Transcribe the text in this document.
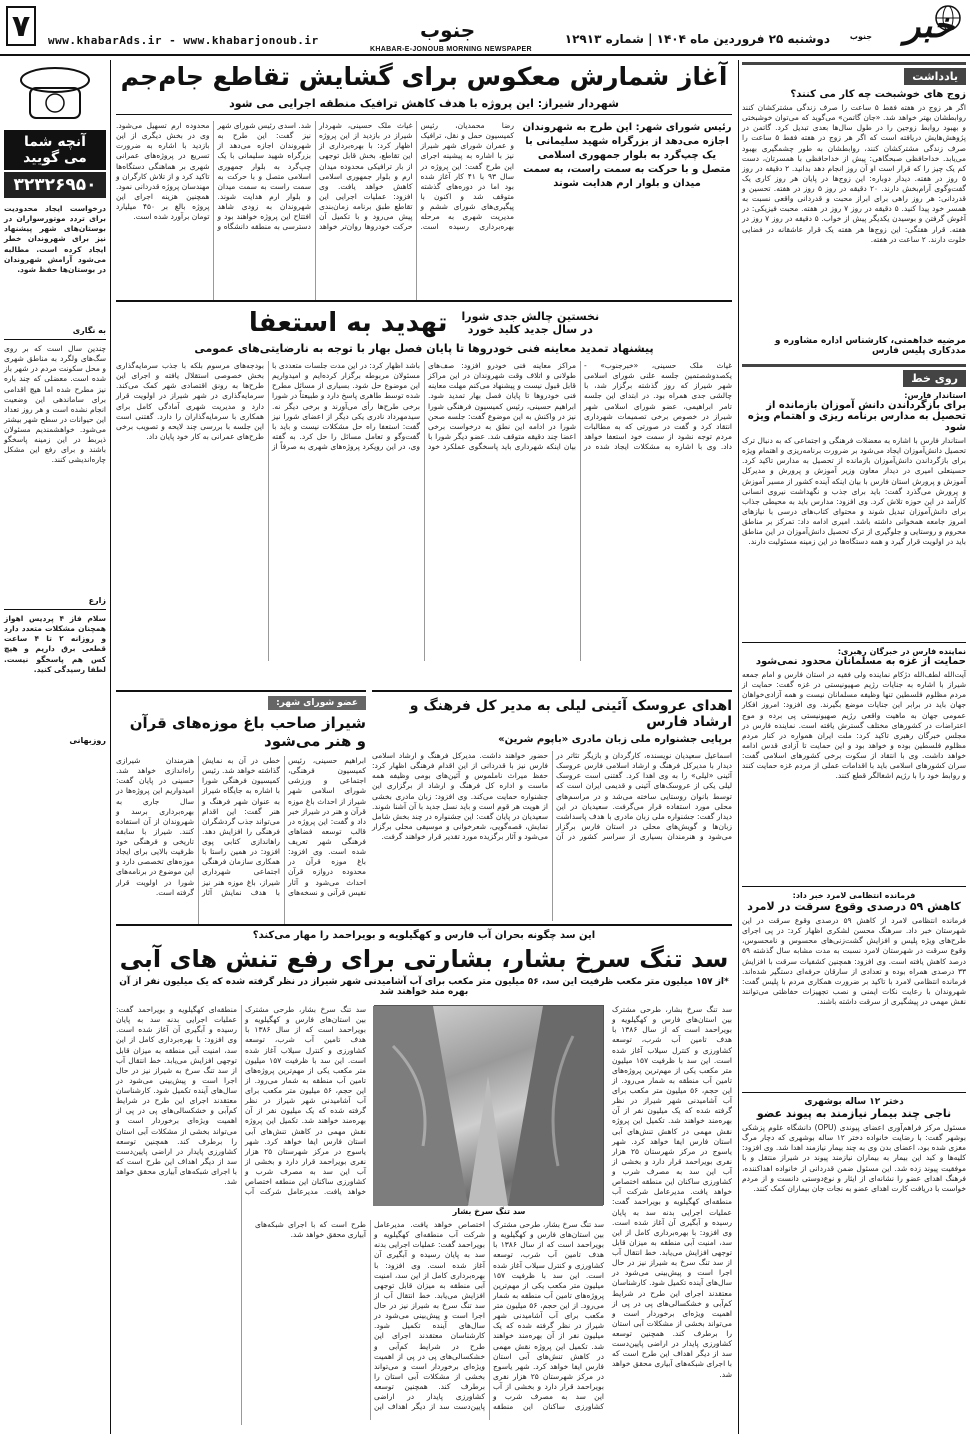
۷	www.khabarAds.ir - www.khabarjonoub.ir	جنوب
KHABAR-E-JONOUB MORNING NEWSPAPER
دوشنبه ۲۵ فروردین ماه ۱۴۰۴ | شماره ۱۲۹۱۳ خبر
جنوب
آنچه شما
می گویید
۳۲۳۲۶۹۵۰
درخواست ایجاد محدودیت برای تردد موتورسواران در بوستان‌های شهر پیشنهاد نیز برای شهروندان خطر ایجاد کرده است. مطالبه می‌شود آرامش شهروندان در بوستان‌ها حفظ شود.
به نگاری
چندین سال است که بر روی سگ‌های ولگرد به مناطق شهری و محل سکونت مردم در شهر باز شده است. معضلی که چند باره نیز مطرح شده اما هیچ اقدامی برای ساماندهی این وضعیت انجام نشده است و هر روز تعداد این حیوانات در سطح شهر بیشتر می‌شود. خواهشمندیم مسئولان ذیربط در این زمینه پاسخگو باشند و برای رفع این مشکل چاره‌اندیشی کنند.
زارع
سلام فاز ۴ پردیس اهواز همچنان مشکلات متعدد دارد و روزانه ۲ تا ۴ ساعت قطعی برق داریم و هیچ کس هم پاسخگو نیست. لطفا رسیدگی کنید.
روزبهانی
آغاز شمارش معکوس برای گشایش تقاطع جام‌جم
شهردار شیراز: این پروژه با هدف کاهش ترافیک منطقه اجرایی می شود
رئیس شورای شهر: این طرح به شهروندان اجازه می‌دهد از بزرگراه شهید سلیمانی با یک چپ‌گرد به بلوار جمهوری اسلامی متصل و با حرکت به سمت راست، به سمت میدان و بلوار ارم هدایت شوند
رضا محمدیان، رئیس کمیسیون حمل و نقل، ترافیک و عمران شورای شهر شیراز نیز با اشاره به پیشینه اجرای این طرح گفت: این پروژه در سال ۹۳ با ۴۱ کار آغاز شده بود اما در دوره‌های گذشته متوقف شد و اکنون با پیگیری‌های شورای ششم و مدیریت شهری به مرحله بهره‌برداری رسیده است. غیاث ملک حسینی، شهردار شیراز در بازدید از این پروژه اظهار کرد: با بهره‌برداری از این تقاطع، بخش قابل توجهی از بار ترافیکی محدوده میدان ارم و بلوار جمهوری اسلامی کاهش خواهد یافت. وی افزود: عملیات اجرایی این تقاطع طبق برنامه زمان‌بندی پیش می‌رود و با تکمیل آن حرکت خودروها روان‌تر خواهد شد. اسدی رئیس شورای شهر نیز گفت: این طرح به شهروندان اجازه می‌دهد از بزرگراه شهید سلیمانی با یک چپ‌گرد به بلوار جمهوری اسلامی متصل و با حرکت به سمت راست به سمت میدان و بلوار ارم هدایت شوند. شهروندان به زودی شاهد افتتاح این پروژه خواهند بود و دسترسی به منطقه دانشگاه و محدوده ارم تسهیل می‌شود. وی در بخش دیگری از این بازدید با اشاره به ضرورت تسریع در پروژه‌های عمرانی شهری بر هماهنگی دستگاه‌ها تاکید کرد و از تلاش کارگران و مهندسان پروژه قدردانی نمود. همچنین هزینه اجرای این پروژه بالغ بر ۴۵۰ میلیارد تومان برآورد شده است.
نخستین چالش جدی شورا
در سال جدید کلید خورد
تهدید به استعفا
پیشنهاد تمدید معاینه فنی خودروها تا پایان فصل بهار با توجه به نارضایتی‌های عمومی
غیاث ملک حسینی، «خبرجنوب» - یکصدوشصتمین جلسه علنی شورای اسلامی شهر شیراز که روز گذشته برگزار شد، با چالشی جدی همراه بود. در ابتدای این جلسه تامر ابراهیمی، عضو شورای اسلامی شهر شیراز در خصوص برخی تصمیمات شهرداری انتقاد کرد و گفت در صورتی که به مطالبات مردم توجه نشود از سمت خود استعفا خواهد داد. وی با اشاره به مشکلات ایجاد شده در مراکز معاینه فنی خودرو افزود: صف‌های طولانی و اتلاف وقت شهروندان در این مراکز قابل قبول نیست و پیشنهاد می‌کنم مهلت معاینه فنی خودروها تا پایان فصل بهار تمدید شود. ابراهیم حسینی، رئیس کمیسیون فرهنگی شورا نیز در واکنش به این موضوع گفت: جلسه صحن شورا در ادامه این نطق به درخواست برخی اعضا چند دقیقه متوقف شد. عضو دیگر شورا با بیان اینکه شهرداری باید پاسخگوی عملکرد خود باشد اظهار کرد: در این مدت جلسات متعددی با مسئولان مربوطه برگزار کرده‌ایم و امیدواریم این موضوع حل شود. بسیاری از مسائل مطرح شده توسط طاهری پاسخ دارد و طبیعتاً در شورا برخی طرح‌ها رأی می‌آورند و برخی دیگر نه. سیدمهرداد نادری یکی دیگر از اعضای شورا نیز گفت: استعفا راه حل مشکلات نیست و باید با گفت‌وگو و تعامل مسائل را حل کرد. به گفته وی، در این رویکرد پروژه‌های شهری به صرفاً از بودجه‌های مرسوم بلکه با جذب سرمایه‌گذاری بخش خصوصی استقلال یافته و اجرای این طرح‌ها به رونق اقتصادی شهر کمک می‌کند. سرمایه‌گذاری در شهر شیراز در اولویت قرار دارد و مدیریت شهری آمادگی کامل برای همکاری با سرمایه‌گذاران را دارد. گفتنی است این جلسه با بررسی چند لایحه و تصویب برخی طرح‌های عمرانی به کار خود پایان داد.
اهدای عروسک آئینی لیلی به مدیر کل فرهنگ و ارشاد فارس
برپایی جشنواره ملی زبان مادری «باپوم شرین»
اسماعیل سعیدیان نویسنده، کارگردان و بازیگر تئاتر در دیدار با مدیرکل فرهنگ و ارشاد اسلامی فارس عروسک آئینی «لیلی» را به وی اهدا کرد. گفتنی است عروسک لیلی یکی از عروسک‌های آئینی و قدیمی ایران است که توسط بانوان روستایی ساخته می‌شد و در مراسم‌های محلی مورد استفاده قرار می‌گرفت. سعیدیان در این دیدار گفت: جشنواره ملی زبان مادری با هدف پاسداشت زبان‌ها و گویش‌های محلی در استان فارس برگزار می‌شود و هنرمندان بسیاری از سراسر کشور در آن حضور خواهند داشت. مدیرکل فرهنگ و ارشاد اسلامی فارس نیز با قدردانی از این اقدام فرهنگی اظهار کرد: حفظ میراث ناملموس و آئین‌های بومی وظیفه همه ماست و اداره کل فرهنگ و ارشاد از برگزاری این جشنواره حمایت می‌کند. وی افزود: زبان مادری بخشی از هویت هر قوم است و باید نسل جدید با آن آشنا شوند. سعیدیان در پایان گفت: این جشنواره در چند بخش شامل نمایش، قصه‌گویی، شعرخوانی و موسیقی محلی برگزار می‌شود و آثار برگزیده مورد تقدیر قرار خواهند گرفت.
عضو شورای شهر:
شیراز صاحب باغ موزه‌های قرآن و هنر می‌شود
ابراهیم حسینی، رئیس کمیسیون فرهنگی، اجتماعی و ورزشی شورای اسلامی شهر شیراز از احداث باغ موزه قرآن و هنر در شیراز خبر داد و گفت: این پروژه در قالب توسعه فضاهای فرهنگی شهر تعریف شده است. وی افزود: باغ موزه قرآن در محدوده دروازه قرآن احداث می‌شود و آثار نفیس قرآنی و نسخه‌های خطی در آن به نمایش گذاشته خواهد شد. رئیس کمیسیون فرهنگی شورا با اشاره به جایگاه شیراز به عنوان شهر فرهنگ و هنر گفت: این اقدام می‌تواند جذب گردشگران فرهنگی را افزایش دهد. راهاندازی کتابی پوی افزود: در همین راستا با همکاری سازمان فرهنگی اجتماعی شهرداری شیراز، باغ موزه هنر نیز با هدف نمایش آثار هنرمندان شیرازی راه‌اندازی خواهد شد. حسینی در پایان گفت: امیدواریم این پروژه‌ها در سال جاری به بهره‌برداری برسد و شهروندان از آن استفاده کنند. شیراز با سابقه تاریخی و فرهنگی خود ظرفیت بالایی برای ایجاد موزه‌های تخصصی دارد و این موضوع در برنامه‌های شورا در اولویت قرار گرفته است.
این سد چگونه بحران آب فارس و کهگیلویه و بویراحمد را مهار می‌کند؟
سد تنگ سرخ بشار، بشارتی برای رفع تنش های آبی
*از ۱۵۷ میلیون متر مکعب ظرفیت این سد، ۵۶ میلیون متر مکعب برای آب آشامیدنی شهر شیراز در نظر گرفته شده که یک میلیون نفر از آن بهره مند خواهند شد
سد تنگ سرخ بشار، طرحی مشترک بین استان‌های فارس و کهگیلویه و بویراحمد است که از سال ۱۳۸۶ با هدف تامین آب شرب، توسعه کشاورزی و کنترل سیلاب آغاز شده است. این سد با ظرفیت ۱۵۷ میلیون متر مکعب یکی از مهم‌ترین پروژه‌های تامین آب منطقه به شمار می‌رود. از این حجم، ۵۶ میلیون متر مکعب برای آب آشامیدنی شهر شیراز در نظر گرفته شده که یک میلیون نفر از آن بهره‌مند خواهند شد. تکمیل این پروژه نقش مهمی در کاهش تنش‌های آبی استان فارس ایفا خواهد کرد. شهر یاسوج در مرکز شهرستان ۲۵ هزار نفری بویراحمد قرار دارد و بخشی از آب این سد به مصرف شرب و کشاورزی ساکنان این منطقه اختصاص خواهد یافت. مدیرعامل شرکت آب منطقه‌ای کهگیلویه و بویراحمد گفت: عملیات اجرایی بدنه سد به پایان رسیده و آبگیری آن آغاز شده است. وی افزود: با بهره‌برداری کامل از این سد، امنیت آبی منطقه به میزان قابل توجهی افزایش می‌یابد. خط انتقال آب از سد تنگ سرخ به شیراز نیز در حال اجرا است و پیش‌بینی می‌شود در سال‌های آینده تکمیل شود. کارشناسان معتقدند اجرای این طرح در شرایط کم‌آبی و خشکسالی‌های پی در پی از اهمیت ویژه‌ای برخوردار است و می‌تواند بخشی از مشکلات آبی استان را برطرف کند. همچنین توسعه کشاورزی پایدار در اراضی پایین‌دست سد از دیگر اهداف این طرح است که با اجرای شبکه‌های آبیاری محقق خواهد شد.
سد تنگ سرخ بشار
سد تنگ سرخ بشار، طرحی مشترک بین استان‌های فارس و کهگیلویه و بویراحمد است که از سال ۱۳۸۶ با هدف تامین آب شرب، توسعه کشاورزی و کنترل سیلاب آغاز شده است. این سد با ظرفیت ۱۵۷ میلیون متر مکعب یکی از مهم‌ترین پروژه‌های تامین آب منطقه به شمار می‌رود. از این حجم، ۵۶ میلیون متر مکعب برای آب آشامیدنی شهر شیراز در نظر گرفته شده که یک میلیون نفر از آن بهره‌مند خواهند شد. تکمیل این پروژه نقش مهمی در کاهش تنش‌های آبی استان فارس ایفا خواهد کرد. شهر یاسوج در مرکز شهرستان ۲۵ هزار نفری بویراحمد قرار دارد و بخشی از آب این سد به مصرف شرب و کشاورزی ساکنان این منطقه اختصاص خواهد یافت. مدیرعامل شرکت آب منطقه‌ای کهگیلویه و بویراحمد گفت: عملیات اجرایی بدنه سد به پایان رسیده و آبگیری آن آغاز شده است. وی افزود: با بهره‌برداری کامل از این سد، امنیت آبی منطقه به میزان قابل توجهی افزایش می‌یابد. خط انتقال آب از سد تنگ سرخ به شیراز نیز در حال اجرا است و پیش‌بینی می‌شود در سال‌های آینده تکمیل شود. کارشناسان معتقدند اجرای این طرح در شرایط کم‌آبی و خشکسالی‌های پی در پی از اهمیت ویژه‌ای برخوردار است و می‌تواند بخشی از مشکلات آبی استان را برطرف کند. همچنین توسعه کشاورزی پایدار در اراضی پایین‌دست سد از دیگر اهداف این طرح است که با اجرای شبکه‌های آبیاری محقق خواهد شد.
سد تنگ سرخ بشار، طرحی مشترک بین استان‌های فارس و کهگیلویه و بویراحمد است که از سال ۱۳۸۶ با هدف تامین آب شرب، توسعه کشاورزی و کنترل سیلاب آغاز شده است. این سد با ظرفیت ۱۵۷ میلیون متر مکعب یکی از مهم‌ترین پروژه‌های تامین آب منطقه به شمار می‌رود. از این حجم، ۵۶ میلیون متر مکعب برای آب آشامیدنی شهر شیراز در نظر گرفته شده که یک میلیون نفر از آن بهره‌مند خواهند شد. تکمیل این پروژه نقش مهمی در کاهش تنش‌های آبی استان فارس ایفا خواهد کرد. شهر یاسوج در مرکز شهرستان ۲۵ هزار نفری بویراحمد قرار دارد و بخشی از آب این سد به مصرف شرب و کشاورزی ساکنان این منطقه اختصاص خواهد یافت. مدیرعامل شرکت آب منطقه‌ای کهگیلویه و بویراحمد گفت: عملیات اجرایی بدنه سد به پایان رسیده و آبگیری آن آغاز شده است. وی افزود: با بهره‌برداری کامل از این سد، امنیت آبی منطقه به میزان قابل توجهی افزایش می‌یابد. خط انتقال آب از سد تنگ سرخ به شیراز نیز در حال اجرا است و پیش‌بینی می‌شود در سال‌های آینده تکمیل شود. کارشناسان معتقدند اجرای این طرح در شرایط کم‌آبی و خشکسالی‌های پی در پی از اهمیت ویژه‌ای برخوردار است و می‌تواند بخشی از مشکلات آبی استان را برطرف کند. همچنین توسعه کشاورزی پایدار در اراضی پایین‌دست سد از دیگر اهداف این طرح است که با اجرای شبکه‌های آبیاری محقق خواهد شد.
یادداشت
زوج های خوشبخت چه کار می کنند؟
اگر هر زوج در هفته فقط ۵ ساعت را صرف زندگی مشترکشان کنند روابطشان بهتر خواهد شد. «جان گاتمن» می‌گوید که می‌توان خوشبختی و بهبود روابط زوجین را در طول سال‌ها بعدی تبدیل کرد. گاتمن در پژوهش‌هایش دریافته است که اگر هر زوج در هفته فقط ۵ ساعت را صرف زندگی مشترکشان کنند، روابطشان به طور چشمگیری بهبود می‌یابد. خداحافظی صبحگاهی: پیش از خداحافظی با همسرتان، دست کم یک چیز را که قرار است او آن روز انجام دهد بدانید. ۲ دقیقه در روز ۵ روز در هفته. دیدار دوباره: این زوج‌ها در پایان هر روز کاری یک گفت‌وگوی آرام‌بخش دارند. ۲۰ دقیقه در روز ۵ روز در هفته. تحسین و قدردانی: هر روز راهی برای ابراز محبت و قدردانی واقعی نسبت به همسر خود پیدا کنید. ۵ دقیقه در روز ۷ روز در هفته. محبت فیزیکی: در آغوش گرفتن و بوسیدن یکدیگر پیش از خواب. ۵ دقیقه در روز ۷ روز در هفته. قرار هفتگی: این زوج‌ها هر هفته یک قرار عاشقانه در فضایی خلوت دارند. ۲ ساعت در هفته.
مرضیه خداهمتی، کارشناس اداره مشاوره و مددکاری پلیس فارس
روی خط
استاندار فارس:
برای بازگرداندن دانش آموزان بازمانده از تحصیل به مدارس برنامه ریزی و اهتمام ویژه شود
استاندار فارس با اشاره به معضلات فرهنگی و اجتماعی که به دنبال ترک تحصیل دانش‌آموزان ایجاد می‌شود بر ضرورت برنامه‌ریزی و اهتمام ویژه برای بازگرداندن دانش‌آموزان بازمانده از تحصیل به مدارس تاکید کرد. حسینعلی امیری در دیدار معاون وزیر آموزش و پرورش و مدیرکل آموزش و پرورش استان فارس با بیان اینکه آینده کشور از مسیر آموزش و پرورش می‌گذرد گفت: باید برای جذب و نگهداشت نیروی انسانی کارآمد در این حوزه تلاش کرد. وی افزود: مدارس باید به محیطی جذاب برای دانش‌آموزان تبدیل شوند و محتوای کتاب‌های درسی با نیازهای امروز جامعه همخوانی داشته باشد. امیری ادامه داد: تمرکز بر مناطق محروم و روستایی و جلوگیری از ترک تحصیل دانش‌آموزان در این مناطق باید در اولویت قرار گیرد و همه دستگاه‌ها در این زمینه مسئولیت دارند.
نماینده فارس در خبرگان رهبری:
حمایت از غزه به مسلمانان محدود نمی‌شود
آیت‌الله لطف‌الله دژکام نماینده ولی فقیه در استان فارس و امام جمعه شیراز با اشاره به جنایات رژیم صهیونیستی در غزه گفت: حمایت از مردم مظلوم فلسطین تنها وظیفه مسلمانان نیست و همه آزادی‌خواهان جهان باید در برابر این جنایات موضع بگیرند. وی افزود: امروز افکار عمومی جهان به ماهیت واقعی رژیم صهیونیستی پی برده و موج اعتراضات در کشورهای مختلف گسترش یافته است. نماینده فارس در مجلس خبرگان رهبری تاکید کرد: ملت ایران همواره در کنار مردم مظلوم فلسطین بوده و خواهد بود و این حمایت تا آزادی قدس ادامه خواهد داشت. وی با انتقاد از سکوت برخی کشورهای اسلامی گفت: سران کشورهای اسلامی باید با اقدامات عملی از مردم غزه حمایت کنند و روابط خود را با رژیم اشغالگر قطع کنند.
فرمانده انتظامی لامرد خبر داد:
کاهش ۵۹ درصدی وقوع سرقت در لامرد
فرمانده انتظامی لامرد از کاهش ۵۹ درصدی وقوع سرقت در این شهرستان خبر داد. سرهنگ محسن لشکری اظهار کرد: در پی اجرای طرح‌های ویژه پلیس و افزایش گشت‌زنی‌های محسوس و نامحسوس، وقوع سرقت در شهرستان لامرد نسبت به مدت مشابه سال گذشته ۵۹ درصد کاهش یافته است. وی افزود: همچنین کشفیات سرقت با افزایش ۳۳ درصدی همراه بوده و تعدادی از سارقان حرفه‌ای دستگیر شده‌اند. فرمانده انتظامی لامرد با تاکید بر ضرورت همکاری مردم با پلیس گفت: شهروندان با رعایت نکات ایمنی و نصب تجهیزات حفاظتی می‌توانند نقش مهمی در پیشگیری از سرقت داشته باشند.
دختر ۱۲ ساله بوشهری
ناجی چند بیمار نیازمند به پیوند عضو
مسئول مرکز فراهم‌آوری اعضای پیوندی (OPU) دانشگاه علوم پزشکی بوشهر گفت: با رضایت خانواده دختر ۱۲ ساله بوشهری که دچار مرگ مغزی شده بود، اعضای بدن وی به چند بیمار نیازمند اهدا شد. وی افزود: کلیه‌ها و کبد این بیمار به بیماران نیازمند پیوند در شیراز منتقل و با موفقیت پیوند زده شد. این مسئول ضمن قدردانی از خانواده اهداکننده، فرهنگ اهدای عضو را نشانه‌ای از ایثار و نوع‌دوستی دانست و از مردم خواست با دریافت کارت اهدای عضو به نجات جان بیماران کمک کنند.
